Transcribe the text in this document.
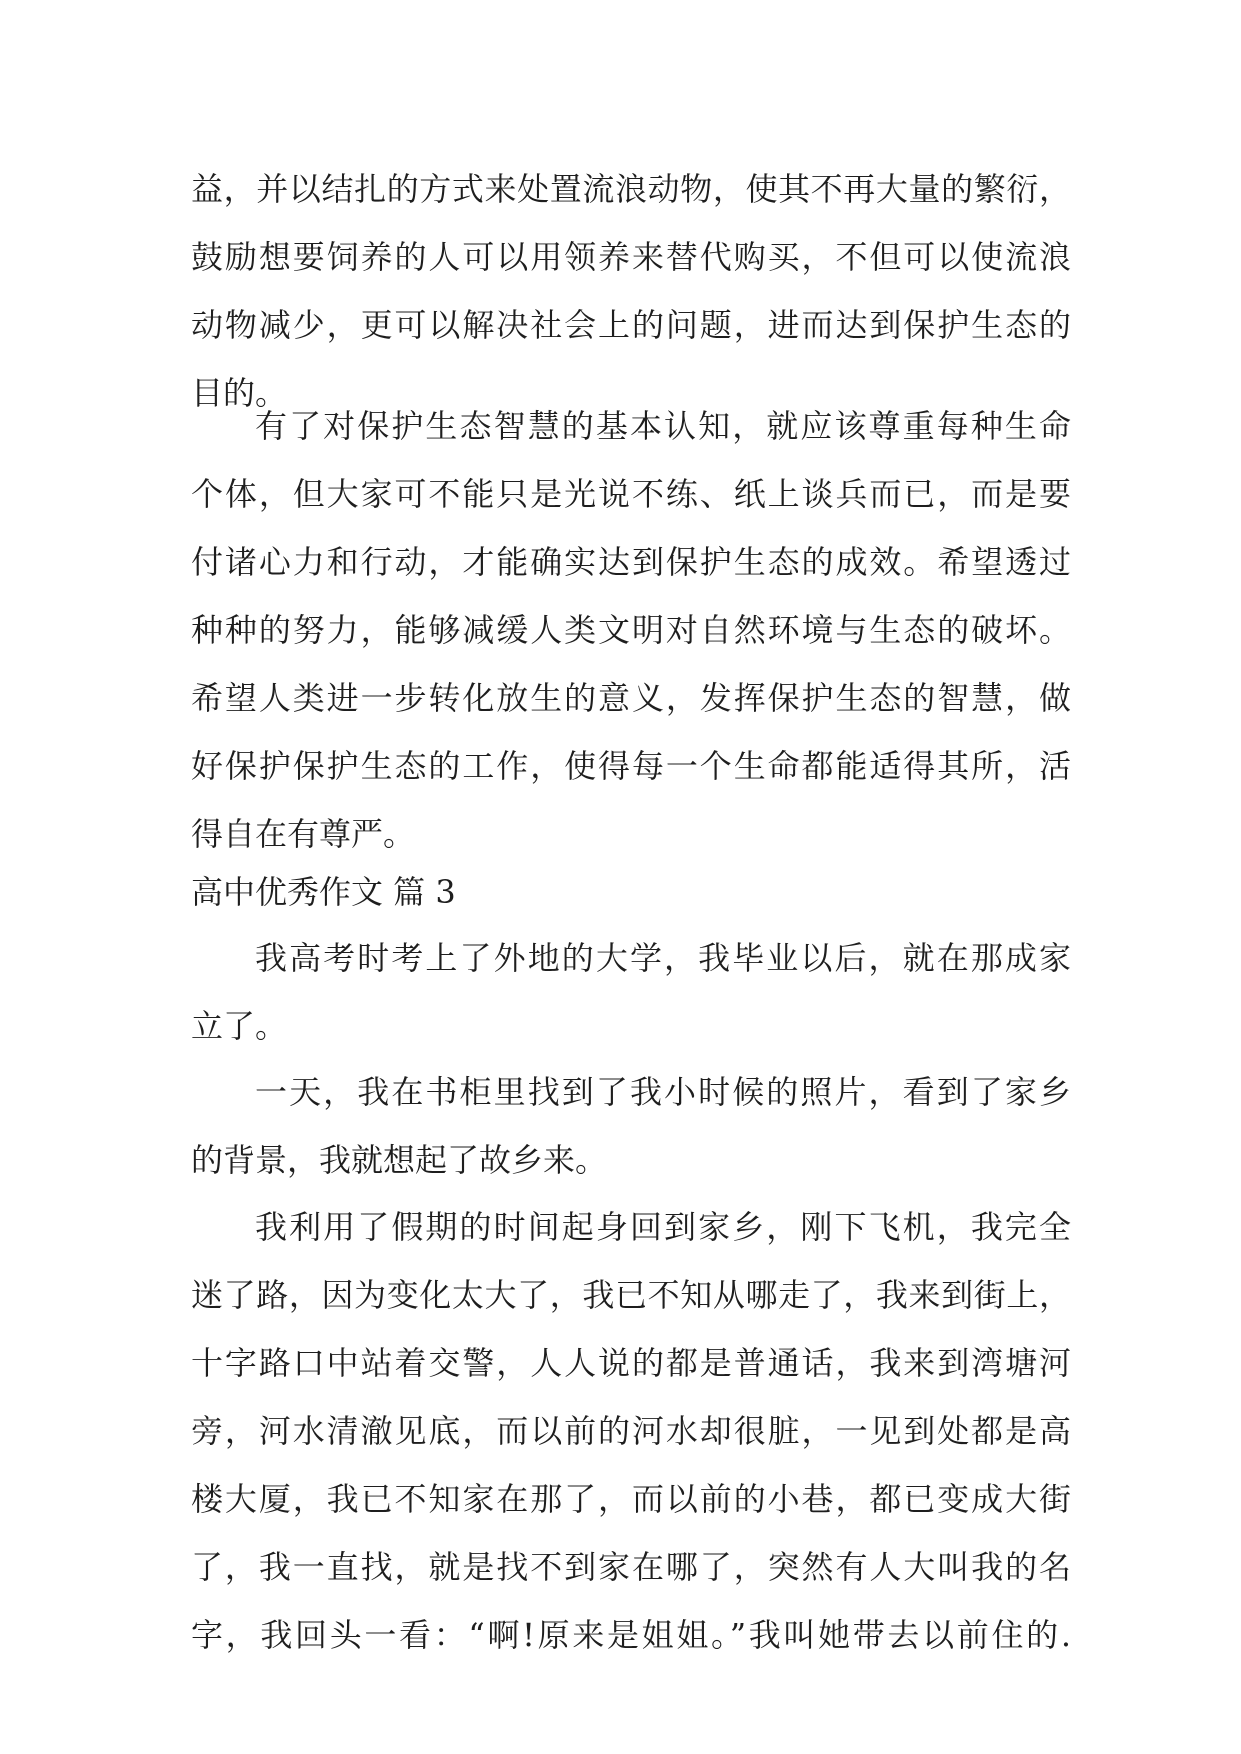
益，并以结扎的方式来处置流浪动物，使其不再大量的繁衍，
鼓励想要饲养的人可以用领养来替代购买，不但可以使流浪
动物减少，更可以解决社会上的问题，进而达到保护生态的
目的。
有了对保护生态智慧的基本认知，就应该尊重每种生命
个体，但大家可不能只是光说不练、纸上谈兵而已，而是要
付诸心力和行动，才能确实达到保护生态的成效。希望透过
种种的努力，能够减缓人类文明对自然环境与生态的破坏。
希望人类进一步转化放生的意义，发挥保护生态的智慧，做
好保护保护生态的工作，使得每一个生命都能适得其所，活
得自在有尊严。
高中优秀作文 篇 3
我高考时考上了外地的大学，我毕业以后，就在那成家
立了。
一天，我在书柜里找到了我小时候的照片，看到了家乡
的背景，我就想起了故乡来。
我利用了假期的时间起身回到家乡，刚下飞机，我完全
迷了路，因为变化太大了，我已不知从哪走了，我来到街上，
十字路口中站着交警，人人说的都是普通话，我来到湾塘河
旁，河水清澈见底，而以前的河水却很脏，一见到处都是高
楼大厦，我已不知家在那了，而以前的小巷，都已变成大街
了，我一直找，就是找不到家在哪了，突然有人大叫我的名
字，我回头一看：“啊!原来是姐姐。”我叫她带去以前住的.
